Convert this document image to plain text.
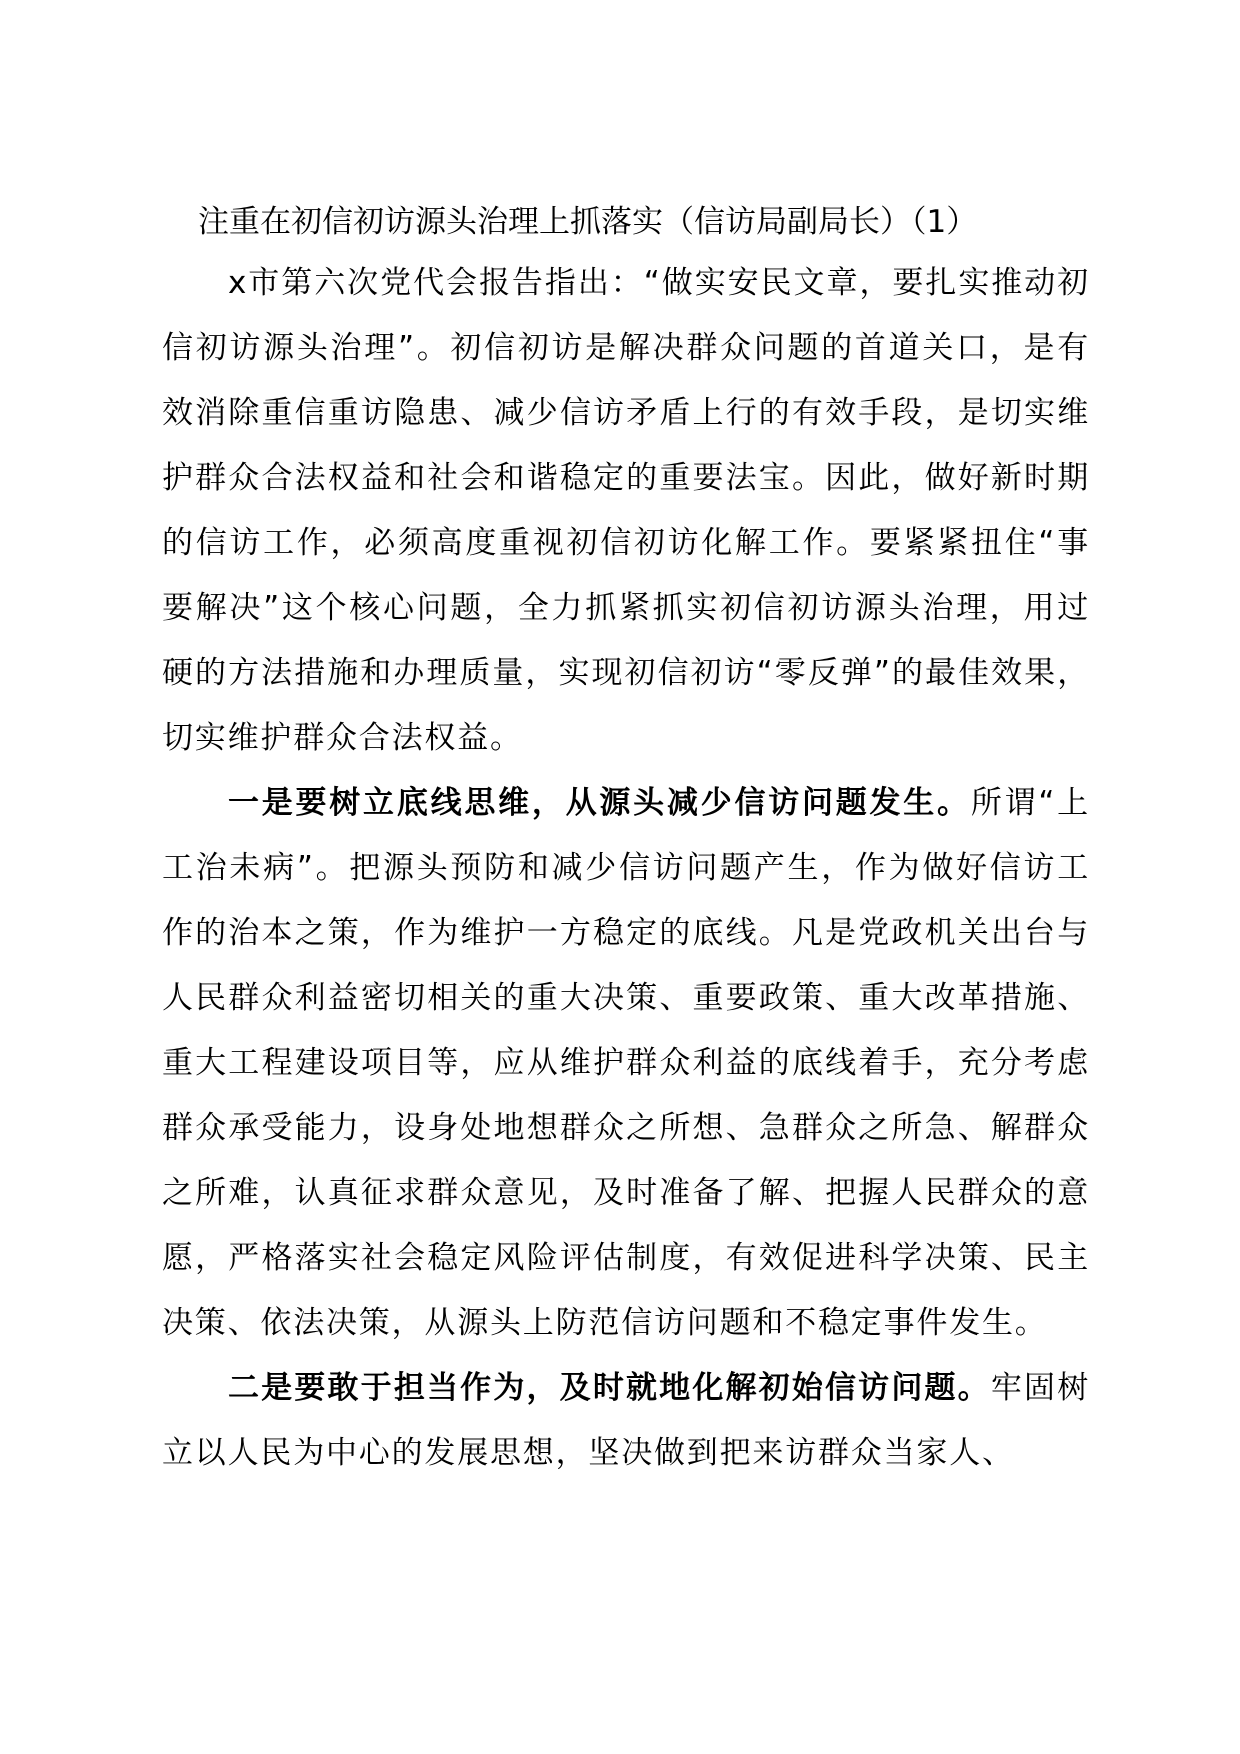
注重在初信初访源头治理上抓落实（信访局副局长）（1）

x市第六次党代会报告指出：“做实安民文章，要扎实推动初信初访源头治理”。初信初访是解决群众问题的首道关口，是有效消除重信重访隐患、减少信访矛盾上行的有效手段，是切实维护群众合法权益和社会和谐稳定的重要法宝。因此，做好新时期的信访工作，必须高度重视初信初访化解工作。要紧紧扭住“事要解决”这个核心问题，全力抓紧抓实初信初访源头治理，用过硬的方法措施和办理质量，实现初信初访“零反弹”的最佳效果，切实维护群众合法权益。

一是要树立底线思维，从源头减少信访问题发生。所谓“上工治未病”。把源头预防和减少信访问题产生，作为做好信访工作的治本之策，作为维护一方稳定的底线。凡是党政机关出台与人民群众利益密切相关的重大决策、重要政策、重大改革措施、重大工程建设项目等，应从维护群众利益的底线着手，充分考虑群众承受能力，设身处地想群众之所想、急群众之所急、解群众之所难，认真征求群众意见，及时准备了解、把握人民群众的意愿，严格落实社会稳定风险评估制度，有效促进科学决策、民主决策、依法决策，从源头上防范信访问题和不稳定事件发生。

二是要敢于担当作为，及时就地化解初始信访问题。牢固树立以人民为中心的发展思想，坚决做到把来访群众当家人、
